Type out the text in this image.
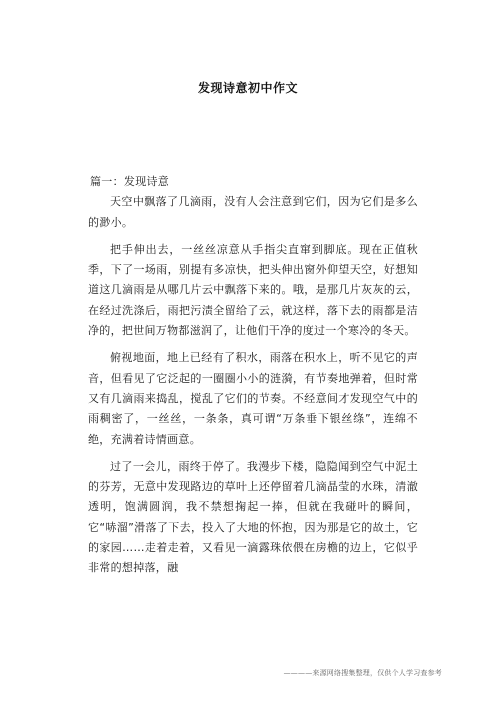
发现诗意初中作文

篇一：发现诗意

天空中飘落了几滴雨，没有人会注意到它们，因为它们是多么的渺小。

把手伸出去，一丝丝凉意从手指尖直窜到脚底。现在正值秋季，下了一场雨，别提有多凉快，把头伸出窗外仰望天空，好想知道这几滴雨是从哪几片云中飘落下来的。哦，是那几片灰灰的云，在经过洗涤后，雨把污渍全留给了云，就这样，落下去的雨都是洁净的，把世间万物都滋润了，让他们干净的度过一个寒冷的冬天。

俯视地面，地上已经有了积水，雨落在积水上，听不见它的声音，但看见了它泛起的一圈圈小小的涟漪，有节奏地弹着，但时常又有几滴雨来捣乱，搅乱了它们的节奏。不经意间才发现空气中的雨稠密了，一丝丝，一条条，真可谓“万条垂下银丝绦”，连绵不绝，充满着诗情画意。

过了一会儿，雨终于停了。我漫步下楼，隐隐闻到空气中泥土的芬芳，无意中发现路边的草叶上还停留着几滴晶莹的水珠，清澈透明，饱满圆润，我不禁想掬起一捧，但就在我碰叶的瞬间，它“哧溜”滑落了下去，投入了大地的怀抱，因为那是它的故土，它的家园……走着走着，又看见一滴露珠依偎在房檐的边上，它似乎非常的想掉落，融

————来源网络搜集整理，仅供个人学习查参考
